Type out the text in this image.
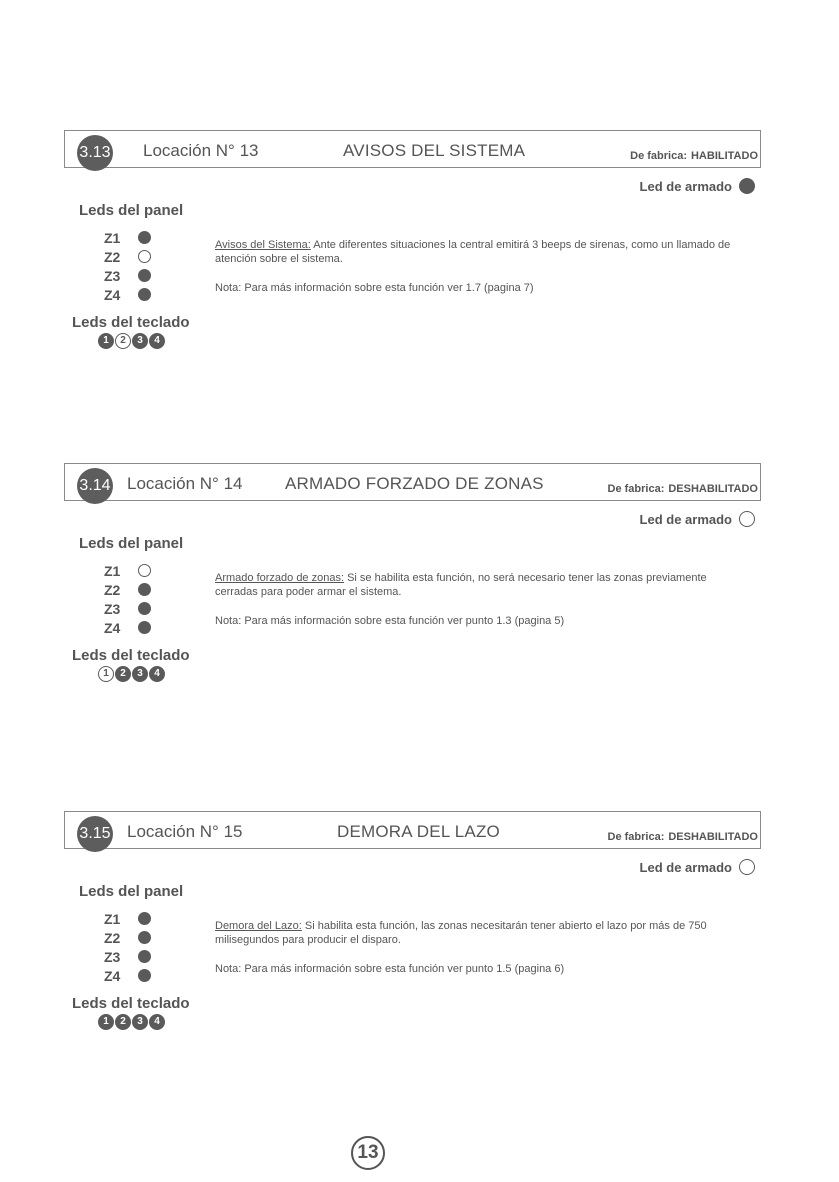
3.13 Locación N° 13	AVISOS DEL SISTEMA	De fabrica: HABILITADO
Led de armado
Leds del panel
Z1
Z2
Z3
Z4
Leds del teclado
1	2	3	4
Avisos del Sistema: Ante diferentes situaciones la central emitirá 3 beeps de sirenas, como un llamado de atención sobre el sistema.
Nota: Para más información sobre esta función ver 1.7 (pagina 7)
3.14 Locación N° 14	ARMADO FORZADO DE ZONAS	De fabrica: DESHABILITADO
Led de armado
Leds del panel
Z1
Z2
Z3
Z4
Leds del teclado
1	2	3	4
Armado forzado de zonas: Si se habilita esta función, no será necesario tener las zonas previamente cerradas para poder armar el sistema.
Nota: Para más información sobre esta función ver punto 1.3 (pagina 5)
3.15 Locación N° 15	DEMORA DEL LAZO	De fabrica: DESHABILITADO
Led de armado
Leds del panel
Z1
Z2
Z3
Z4
Leds del teclado
1	2	3	4
Demora del Lazo: Si habilita esta función, las zonas necesitarán tener abierto el lazo por más de 750 milisegundos para producir el disparo.
Nota: Para más información sobre esta función ver punto 1.5 (pagina 6)
13
